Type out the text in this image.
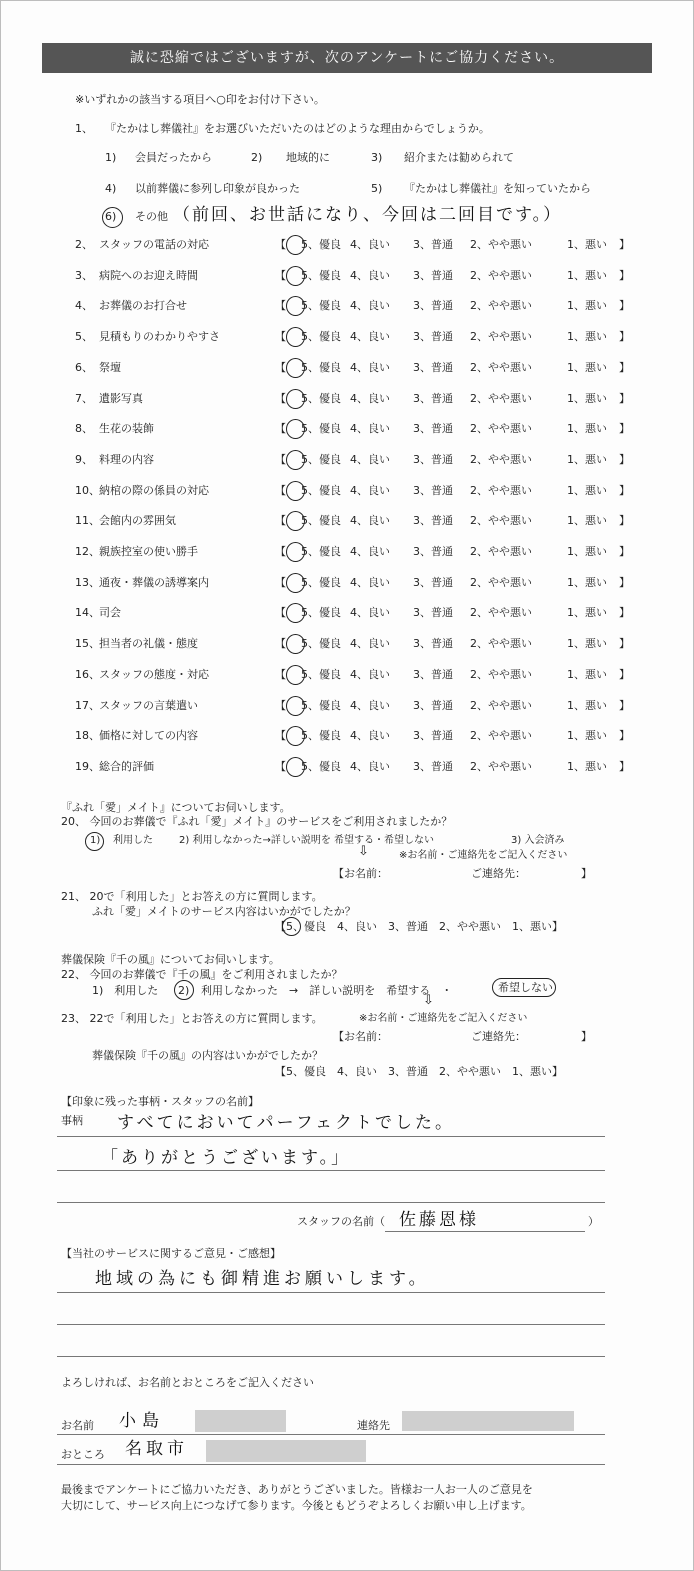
誠に恐縮ではございますが、次のアンケートにご協力ください。
※いずれかの該当する項目へ○印をお付け下さい。
1、 『たかはし葬儀社』をお選びいただいたのはどのような理由からでしょうか。
1) 会員だったから	2) 地域的に	3) 紹介または勧められて
4) 以前葬儀に参列し印象が良かった	5) 『たかはし葬儀社』を知っていたから
6) その他 （前回、お世話になり、今回は二回目です。）
2、 スタッフの電話の対応	【 5、優良 4、良い 3、普通 2、やや悪い	1、悪い 】
3、 病院へのお迎え時間	【 5、優良 4、良い 3、普通 2、やや悪い	1、悪い 】
4、 お葬儀のお打合せ	【 5、優良 4、良い 3、普通 2、やや悪い	1、悪い 】
5、 見積もりのわかりやすさ	【 5、優良 4、良い 3、普通 2、やや悪い	1、悪い 】
6、 祭壇	【 5、優良 4、良い 3、普通 2、やや悪い	1、悪い 】
7、 遺影写真	【 5、優良 4、良い 3、普通 2、やや悪い	1、悪い 】
8、 生花の装飾	【 5、優良 4、良い 3、普通 2、やや悪い	1、悪い 】
9、 料理の内容	【 5、優良 4、良い 3、普通 2、やや悪い	1、悪い 】
10、 納棺の際の係員の対応	【 5、優良 4、良い 3、普通 2、やや悪い	1、悪い 】
11、 会館内の雰囲気	【 5、優良 4、良い 3、普通 2、やや悪い	1、悪い 】
12、 親族控室の使い勝手	【 5、優良 4、良い 3、普通 2、やや悪い	1、悪い 】
13、 通夜・葬儀の誘導案内	【 5、優良 4、良い 3、普通 2、やや悪い	1、悪い 】
14、 司会	【 5、優良 4、良い 3、普通 2、やや悪い	1、悪い 】
15、 担当者の礼儀・態度	【 5、優良 4、良い 3、普通 2、やや悪い	1、悪い 】
16、 スタッフの態度・対応	【 5、優良 4、良い 3、普通 2、やや悪い	1、悪い 】
17、 スタッフの言葉遣い	【 5、優良 4、良い 3、普通 2、やや悪い	1、悪い 】
18、 価格に対しての内容	【 5、優良 4、良い 3、普通 2、やや悪い	1、悪い 】
19、 総合的評価	【 5、優良 4、良い 3、普通 2、やや悪い	1、悪い 】
『ふれ「愛」メイト』についてお伺いします。
20、 今回のお葬儀で『ふれ「愛」メイト』のサービスをご利用されましたか？
1) 利用した	2) 利用しなかった→詳しい説明を 希望する・希望しない	3) 入会済み
⇩	※お名前・ご連絡先をご記入ください
【お名前：	ご連絡先：	】
21、 20で「利用した」とお答えの方に質問します。
ふれ「愛」メイトのサービス内容はいかがでしたか？
【5、優良　4、良い　3、普通　2、やや悪い　1、悪い】
葬儀保険『千の風』についてお伺いします。
22、 今回のお葬儀で『千の風』をご利用されましたか？
1)　利用した 2) 利用しなかった　→　詳しい説明を　希望する　・	希望しない
⇩
23、 22で「利用した」とお答えの方に質問します。	※お名前・ご連絡先をご記入ください
【お名前：	ご連絡先：	】
葬儀保険『千の風』の内容はいかがでしたか？
【5、優良　4、良い　3、普通　2、やや悪い　1、悪い】
【印象に残った事柄・スタッフの名前】
事柄 すべてにおいてパーフェクトでした。
「ありがとうございます。」
スタッフの名前（ 佐藤恩様	）
【当社のサービスに関するご意見・ご感想】
地域の為にも御精進お願いします。
よろしければ、お名前とおところをご記入ください
お名前 小島	連絡先
おところ 名取市
最後までアンケートにご協力いただき、ありがとうございました。皆様お一人お一人のご意見を
大切にして、サービス向上につなげて参ります。今後ともどうぞよろしくお願い申し上げます。
